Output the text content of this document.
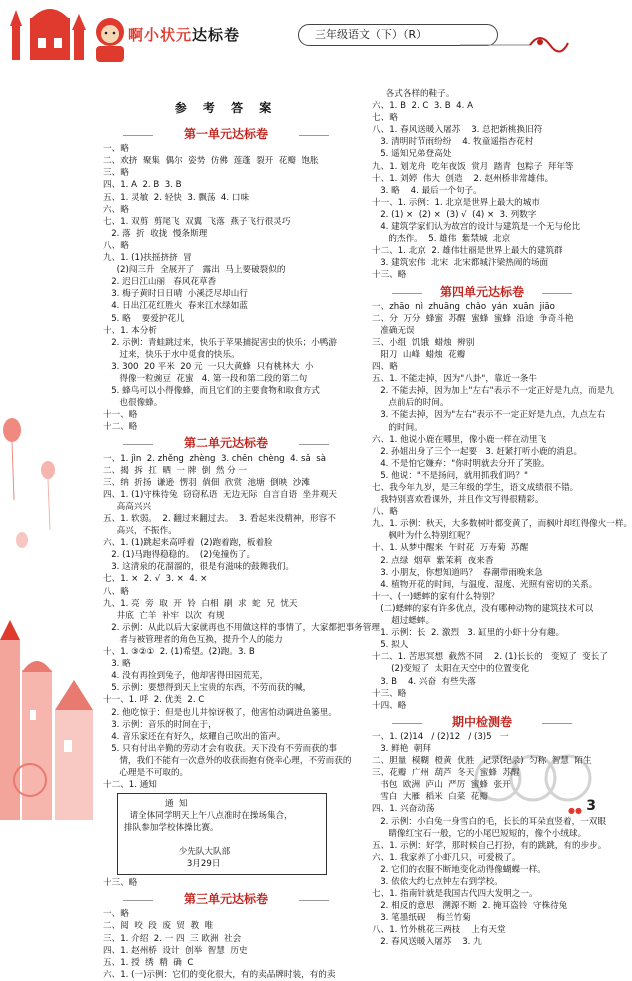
啊小状元达标卷	三年级语文（下）（R）
参 考 答 案
第一单元达标卷
一、略
二、欢挤  聚集  偶尔  姿势  仿佛  莲蓬  裂开  花瓣  饱胀
三、略
四、1. A  2. B  3. B
五、1. 灵敏  2. 轻快  3. 飘荡  4. 口味
六、略
七、1. 双剪  剪尾飞  双翼  飞落  燕子飞行很灵巧
2. 落  折  收拢  慢条斯理
八、略
九、1. (1)扶摇挤挤  冒
(2)闯三升  全展开了   露出  马上要破裂似的
2. 迟日江山丽   春风花草香
3. 梅子黄时日日晴  小溪泛尽却山行
4. 日出江花红胜火  春来江水绿如蓝
5. 略    要爱护花儿
十、1. 本分析
2. 示例：青蛙跳过来，快乐于苹果捕捉害虫的快乐；小鸭游
过来，快乐于水中觅食的快乐。
3. 300  20 平米  20 元  一只大黄蜂  只有桃林大  小
得像一粒豌豆  花蜜   4. 第一段和第二段的第二句
5. 蜂鸟可以小得像蜂，而且它们的主要食物和取食方式
也很像蜂。
十一、略
十二、略
第二单元达标卷
一、1. jìn  2. zhěng  zhèng  3. chēn  chèng  4. sǎ  sà
二、揭  拆  扛  晒  一 牌  倒  然 分 一
三、纳  折扬  谦逊  愣羽  倘佃  欣赏  池塘  倒映  沙滩
四、1. (1)守株待兔  窃窃私语  无边无际  自言自语  坐井观天
高高兴兴
五、1. 软弱。  2. 翻过来翻过去。  3. 看起来没精神，形容不
高兴，不振作。
六、1. (1)跳起来高呼着  (2)跑着跑，板着脸
2. (1)马跑得稳稳的。  (2)兔撞伤了。
3. 这清泉的花溜溜的，很是有滋味的鼓舞我们。
七、1. ×  2. √  3. ×  4. ×
八、略
九、1. 亮  旁  取  开  铃  白相  刷  求  蛇  兄  忧天
井底  亡羊  补牢  以次  有规
2. 示例：从此以后大家就再也不用做这样的事情了，大家都把事务管理
者与被管理者的角色互换，提升个人的能力
十、1. ③②①  2. (1)希望。(2)跑。3. B
3. 略
4. 没有再捡到兔子，他却害得田园荒芜，
5. 示例：要想得到天上宝贵的东西，不劳而获的喊，
十一、1. 呼  2. 优美  2. C
2. 他吃惊于：但是也儿井惊讶极了，他害怕动调进鱼篓里。
3. 示例：音乐的时间在于，
4. 音乐家还在有好久，炫耀自己吹出的笛声。
5. 只有付出辛勤的劳动才会有收获。天下没有不劳而获的事
情，我们不能有一次意外的收获而抱有侥幸心理，不劳而获的
心理是不可取的。
十二、1. 通知
通  知
请全体同学明天上午八点准时在操场集合，
排队参加学校体操比赛。

少先队大队部
3月29日
十三、略
第三单元达标卷
一、略
二、阅  咬  段  废  贸  教  唯
三、1. 介绍  2. 一 四  三 欧洲  社会
四、1. 赵州桥  设计  创举  智慧  历史
五、1. 授  绣  精  确  C
六、1. (一)示例：它们的变化很大，有的卖品牌时装，有的卖
各式各样的鞋子。
六、1. B  2. C  3. B  4. A
七、略
八、1. 春风送暖入屠苏    3. 总把新桃换旧符
3. 清明时节雨纷纷    4. 牧童遥指杏花村
5. 遥知兄弟登高处
九、1. 划龙舟  吃年夜饭  赏月  踏青  包粽子  拜年等
十、1. 刘婷  伟大  创造    2. 赵州桥非常雄伟。
3. 略    4. 最后一个句子。
十一、1. 示例：1. 北京是世界上最大的城市
2. (1) ×  (2) ×  (3) √  (4) ×  3. 列数字
4. 建筑学家们认为故宫的设计与建筑是一个无与伦比
的杰作。  5. 雄伟  紫禁城  北京
十二、1. 北京  2. 雄伟壮丽是世界上最大的建筑群
3. 建筑宏伟  北宋  北宋都城汴梁热闹的场面
十三、略
第四单元达标卷
一、zhāo  nì  zhuāng  chǎo  yán  xuān  jiāo
二、分  万分  蜂蜜  苏醒  蜜蜂  蜜蜂  沿途  争奇斗艳
准确无误
三、小组  饥饿  蜡烛  辨别
阳刀  山峰  蜡烛  花瓣
四、略
五、1. 不能走掉，因为"八卦"，靠近一条牛
2. 不能去掉，因为加上"左右"表示不一定正好是九点，而是九
点前后的时间。
3. 不能去掉，因为"左右"表示不一定正好是九点，九点左右
的时间。
六、1. 他说小鹿在哪里，像小鹿一样在动里飞
2. 孙姐出身了三个一起要   3. 赶紧打听小鹿的消息。
4. 不是怕它嫌弃："你时明就去分开了笑脸。
5. 他说："不是扬问，就用抓我们吗？"
七、我今年九岁，是三年级的学生，语文成绩很不错。
我特别喜欢看课外，并且作文写得很精彩。
八、略
九、1. 示例：秋天，大多数树叶都变黄了，而枫叶却红得像火一样。
枫叶为什么特别红呢？
十、1. 从梦中醒来  午时花  万寿菊  苏醒
2. 点绿  烟草  紫茉莉  夜来香
3. 小朋友，你想知道吗？  春潮带雨晚来急
4. 植物开花的时间，与温度、湿度、光照有密切的关系。
十一、(一)蟋蟀的家有什么特别？
(二)蟋蟀的家有许多优点，没有哪种动物的建筑技术可以
超过蟋蟀。
1. 示例：长  2. 激烈   3. 缸里的小虾十分有趣。
5. 拟人
十二、1. 苦思冥想  截然不同    2. (1)长长的   变短了  变长了
(2)变短了  太阳在天空中的位置变化
3. B    4. 兴奋  有些失落
十三、略
十四、略
期中检测卷
一、1. (2)14   / (2)12   / (3)5   一
3. 鲜艳  朝拜
二、胆量  模糊  橙黄  优胜   记录(纪录)  匀称  智慧  陌生
三、花瓣  广州  葫芦  冬天  蜜蜂  苏醒
书包  欧洲  庐山  严厉  蜜蜂  张开
雪白  大雁  稻米  白菜  花瓣
四、1. 兴奋动荡
2. 示例：小白兔一身雪白的毛，长长的耳朵直竖着，一双眼
睛像红宝石一般，它的小尾巴短短的，像个小绒球。
五、1. 示例：好学，那时候自己打扮，有的跳跳，有的步步。
六、1. 我家养了小虾几只，可爱极了。
2. 它们的衣服不断地变化动得像蝴蝶一样。
3. 依依大约七点钟左右到学校。
七、1. 指南针就是我国古代四大发明之一。
2. 相反的意思   溯源不断  2. 掩耳盗铃  守株待兔
3. 笔墨纸砚    梅兰竹菊
八、1. 竹外桃花三两枝    上有天堂
2. 春风送暖入屠苏    3. 九
●● 3
